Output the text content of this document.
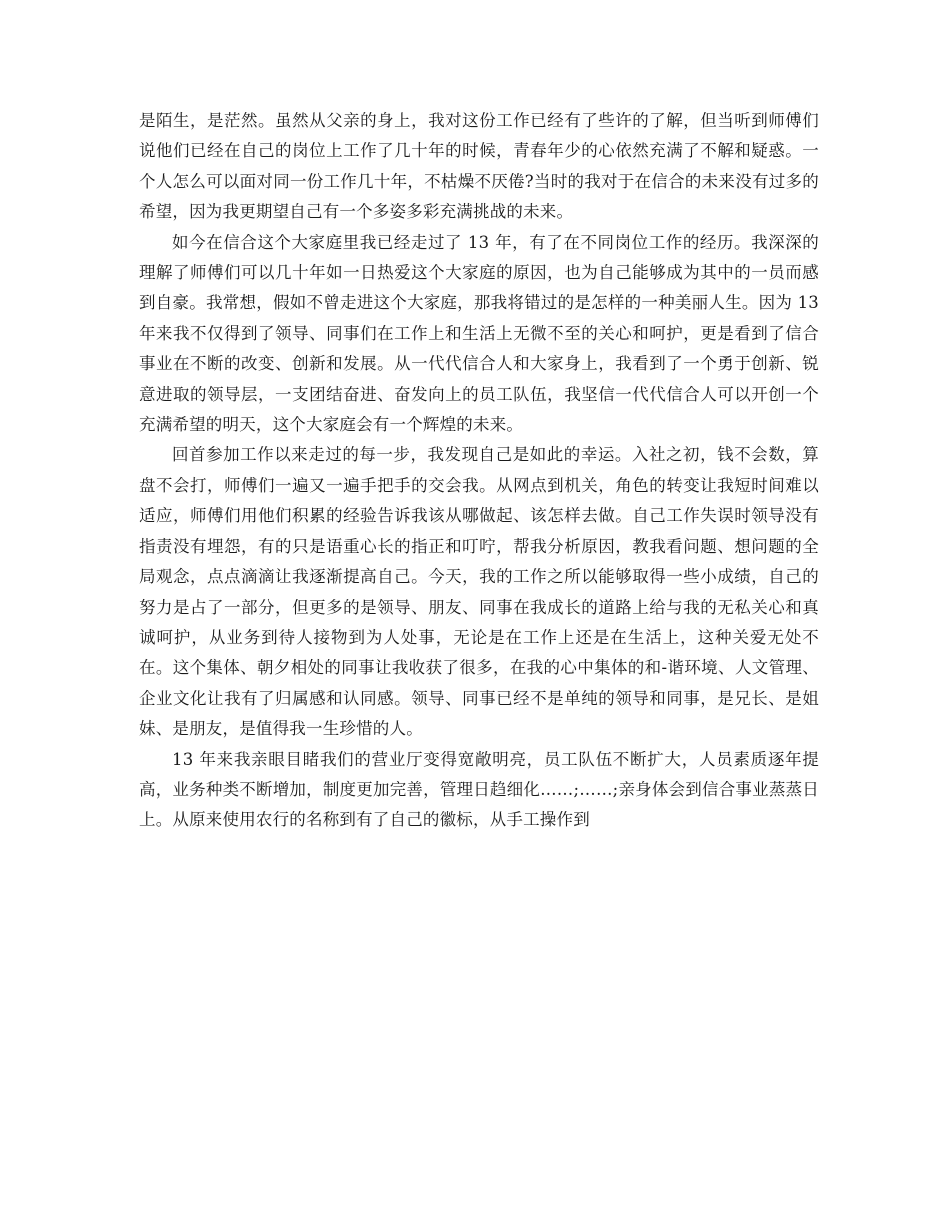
是陌生，是茫然。虽然从父亲的身上，我对这份工作已经有了些许的了解，但当听到师傅们说他们已经在自己的岗位上工作了几十年的时候，青春年少的心依然充满了不解和疑惑。一个人怎么可以面对同一份工作几十年，不枯燥不厌倦?当时的我对于在信合的未来没有过多的希望，因为我更期望自己有一个多姿多彩充满挑战的未来。

如今在信合这个大家庭里我已经走过了 13 年，有了在不同岗位工作的经历。我深深的理解了师傅们可以几十年如一日热爱这个大家庭的原因，也为自己能够成为其中的一员而感到自豪。我常想，假如不曾走进这个大家庭，那我将错过的是怎样的一种美丽人生。因为 13 年来我不仅得到了领导、同事们在工作上和生活上无微不至的关心和呵护，更是看到了信合事业在不断的改变、创新和发展。从一代代信合人和大家身上，我看到了一个勇于创新、锐意进取的领导层，一支团结奋进、奋发向上的员工队伍，我坚信一代代信合人可以开创一个充满希望的明天，这个大家庭会有一个辉煌的未来。

回首参加工作以来走过的每一步，我发现自己是如此的幸运。入社之初，钱不会数，算盘不会打，师傅们一遍又一遍手把手的交会我。从网点到机关，角色的转变让我短时间难以适应，师傅们用他们积累的经验告诉我该从哪做起、该怎样去做。自己工作失误时领导没有指责没有埋怨，有的只是语重心长的指正和叮咛，帮我分析原因，教我看问题、想问题的全局观念，点点滴滴让我逐渐提高自己。今天，我的工作之所以能够取得一些小成绩，自己的努力是占了一部分，但更多的是领导、朋友、同事在我成长的道路上给与我的无私关心和真诚呵护，从业务到待人接物到为人处事，无论是在工作上还是在生活上，这种关爱无处不在。这个集体、朝夕相处的同事让我收获了很多，在我的心中集体的和-谐环境、人文管理、企业文化让我有了归属感和认同感。领导、同事已经不是单纯的领导和同事，是兄长、是姐妹、是朋友，是值得我一生珍惜的人。

13 年来我亲眼目睹我们的营业厅变得宽敞明亮，员工队伍不断扩大，人员素质逐年提高，业务种类不断增加，制度更加完善，管理日趋细化……;……;亲身体会到信合事业蒸蒸日上。从原来使用农行的名称到有了自己的徽标，从手工操作到
